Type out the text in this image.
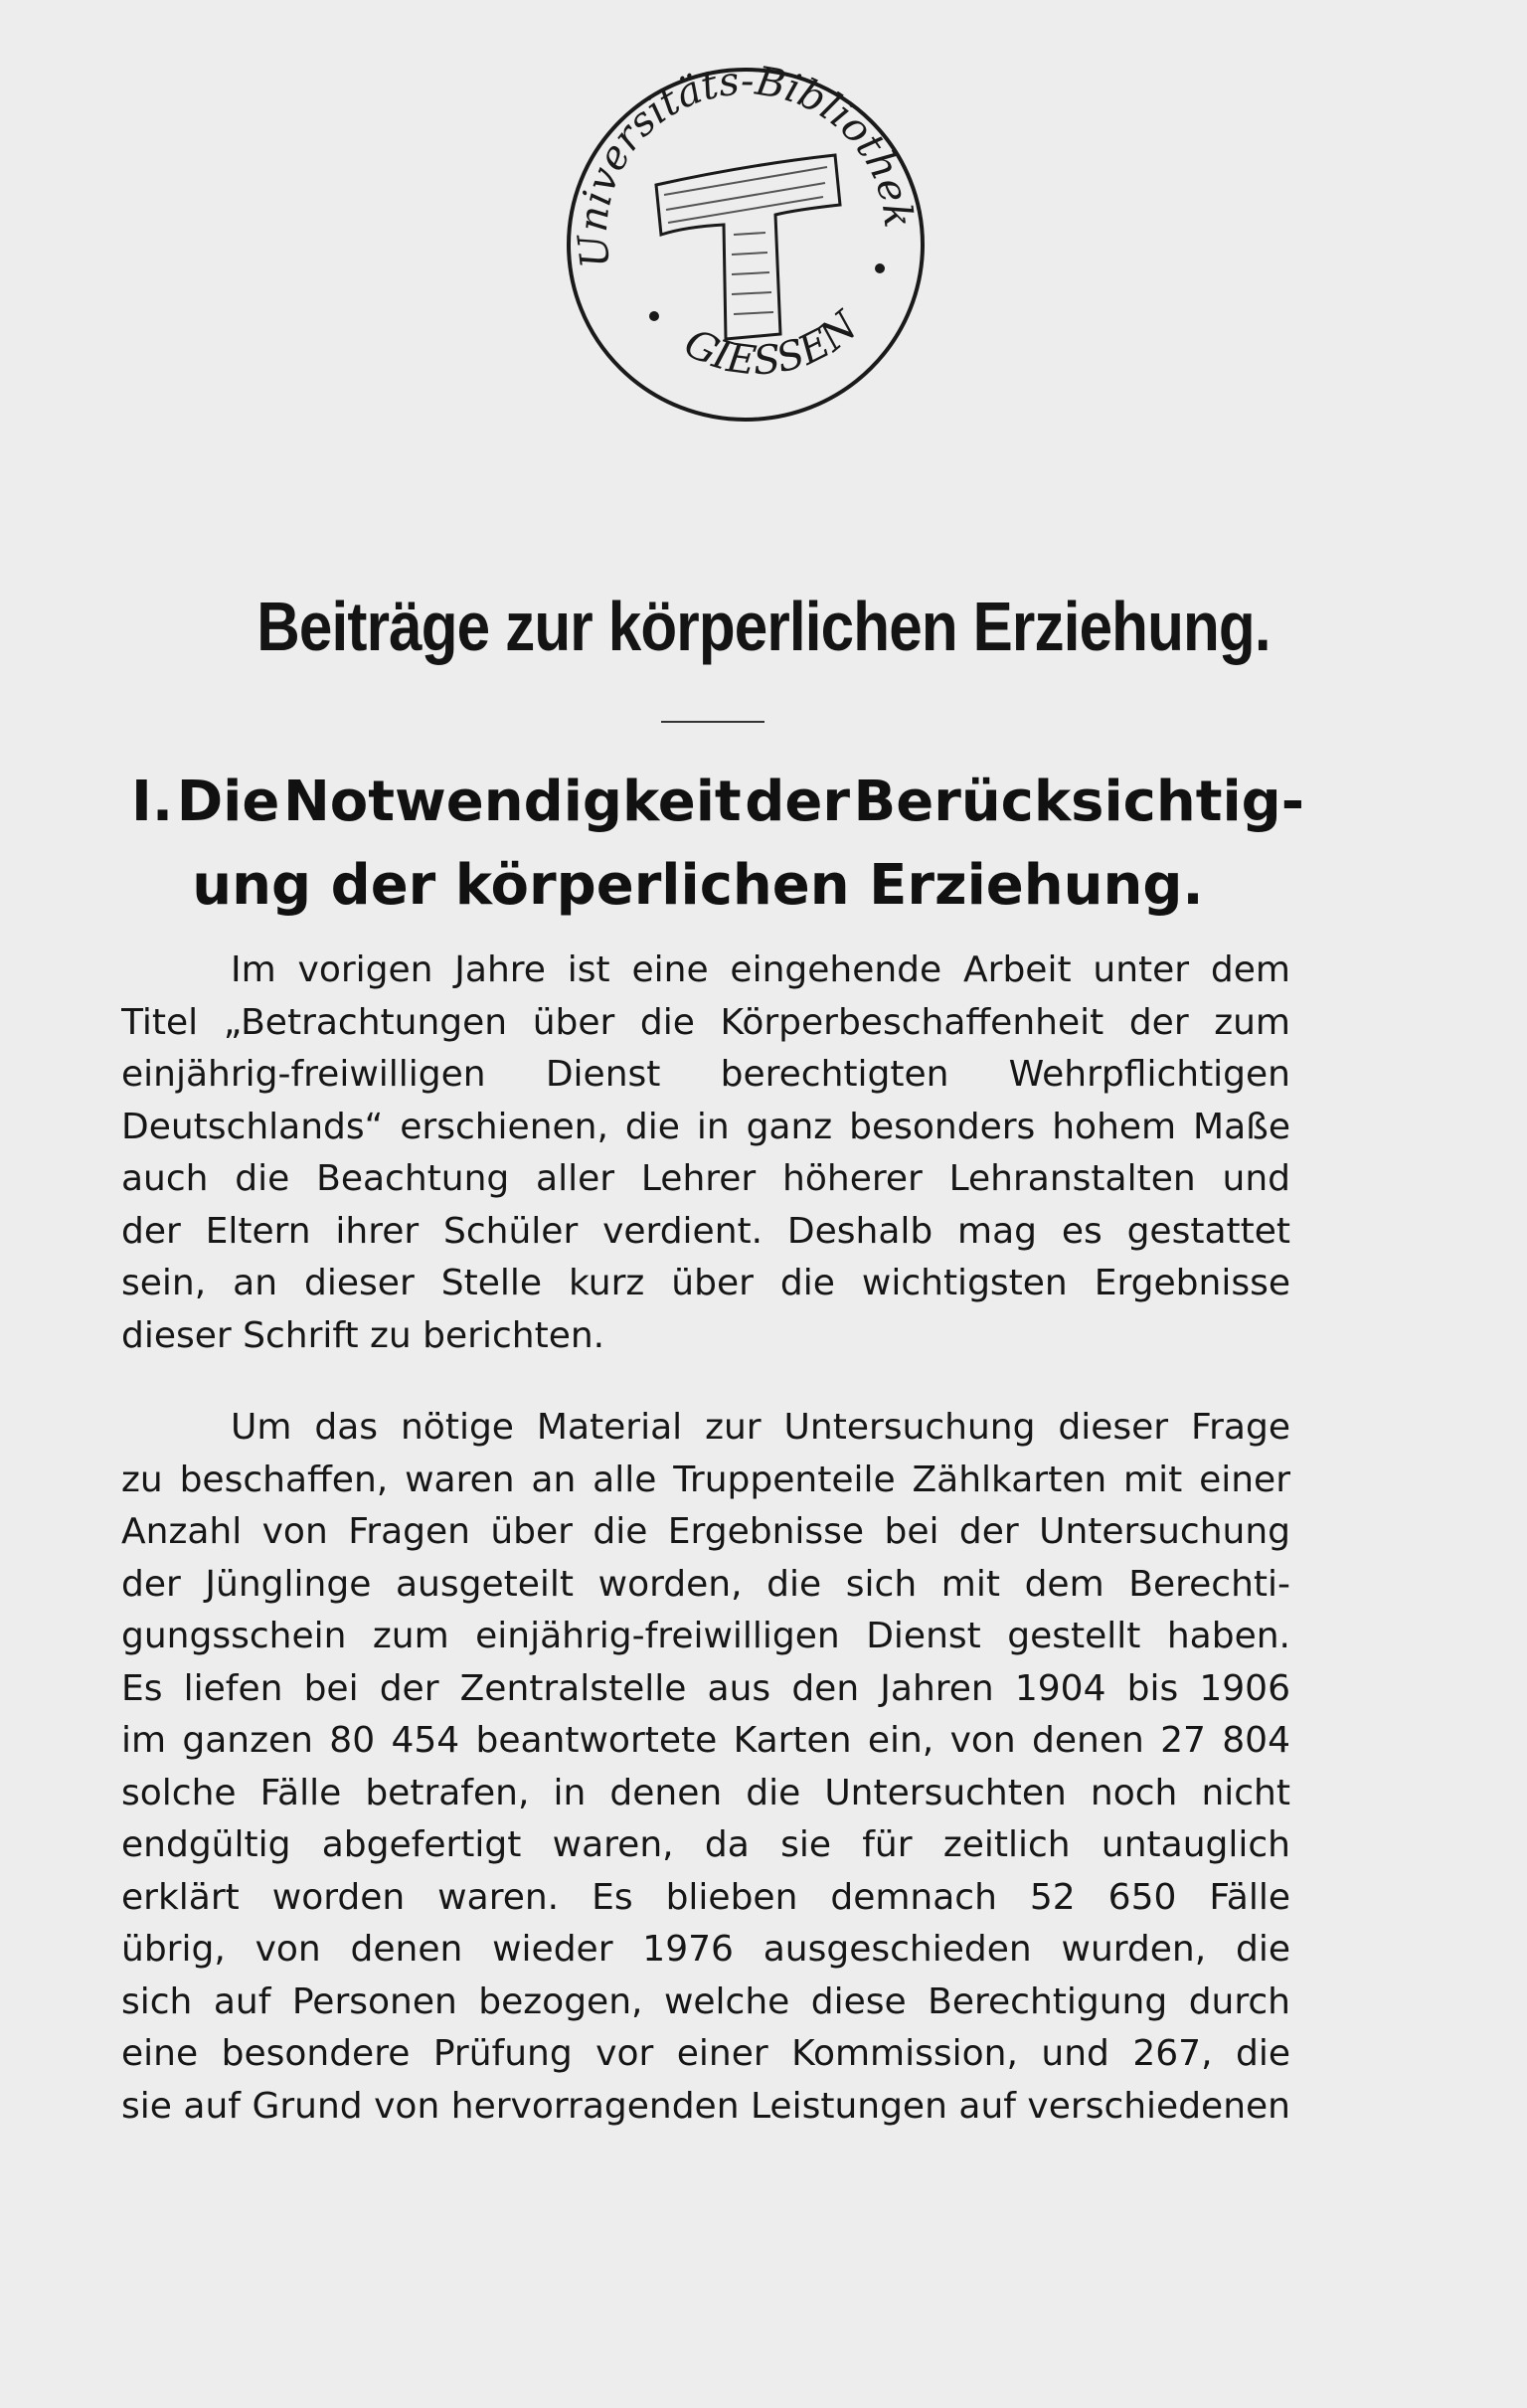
Universitäts-Bibliothek
GIESSEN
Beiträge zur körperlichen Erziehung.
I. Die Notwendigkeit der Berücksichtig-
ung der körperlichen Erziehung.
Im vorigen Jahre ist eine eingehende Arbeit unter dem
Titel „Betrachtungen über die Körperbeschaffenheit der zum
einjährig-freiwilligen Dienst berechtigten Wehrpflichtigen
Deutschlands“ erschienen, die in ganz besonders hohem Maße
auch die Beachtung aller Lehrer höherer Lehranstalten und
der Eltern ihrer Schüler verdient. Deshalb mag es gestattet
sein, an dieser Stelle kurz über die wichtigsten Ergebnisse
dieser Schrift zu berichten.
Um das nötige Material zur Untersuchung dieser Frage
zu beschaffen, waren an alle Truppenteile Zählkarten mit einer
Anzahl von Fragen über die Ergebnisse bei der Untersuchung
der Jünglinge ausgeteilt worden, die sich mit dem Berechti-
gungsschein zum einjährig-freiwilligen Dienst gestellt haben.
Es liefen bei der Zentralstelle aus den Jahren 1904 bis 1906
im ganzen 80 454 beantwortete Karten ein, von denen 27 804
solche Fälle betrafen, in denen die Untersuchten noch nicht
endgültig abgefertigt waren, da sie für zeitlich untauglich
erklärt worden waren. Es blieben demnach 52 650 Fälle
übrig, von denen wieder 1976 ausgeschieden wurden, die
sich auf Personen bezogen, welche diese Berechtigung durch
eine besondere Prüfung vor einer Kommission, und 267, die
sie auf Grund von hervorragenden Leistungen auf verschiedenen
